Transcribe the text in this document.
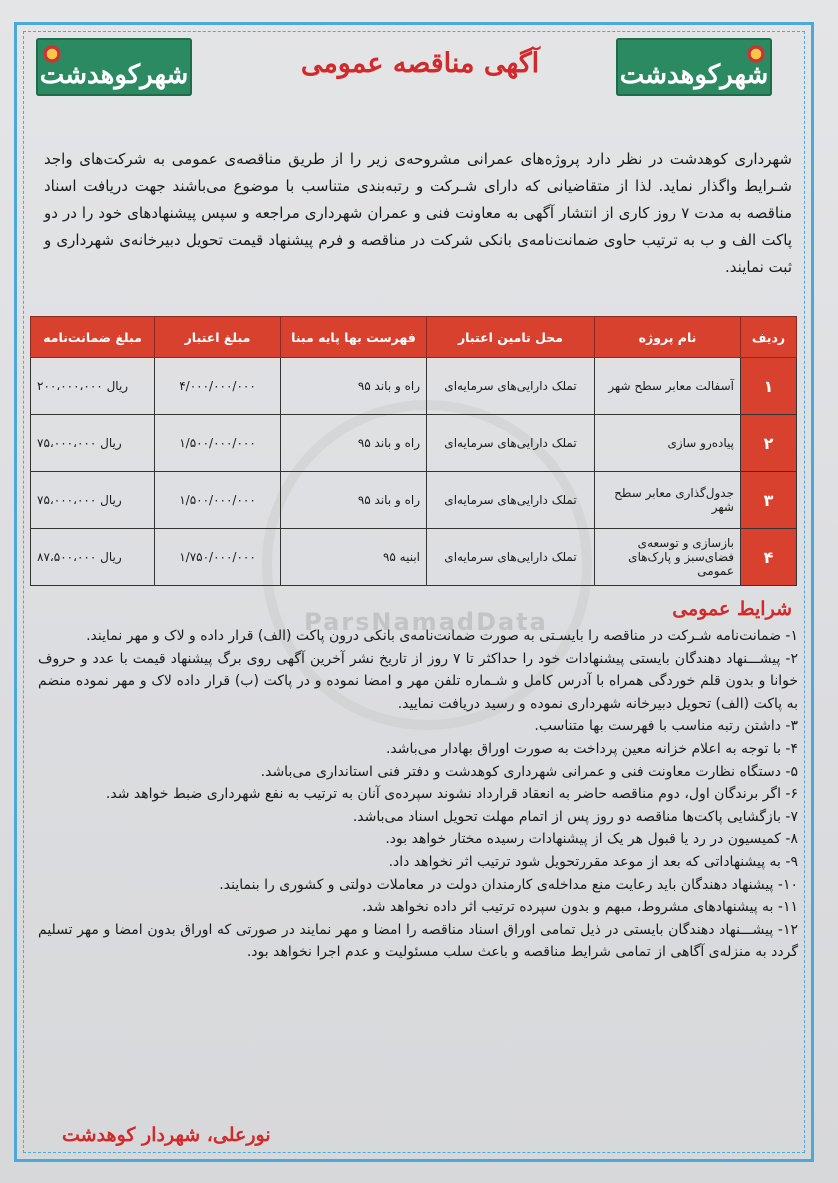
ParsNamadData
شهرکوهدشت
شهرکوهدشت	آگهی مناقصه عمومی
شهرداری کوهدشت در نظر دارد پروژه‌های عمرانی مشروحه‌ی زیر را از طریق مناقصه‌ی عمومی به شرکت‌های واجد شـرایط واگذار نماید. لذا از متقاضیانی که دارای شـرکت و رتبه‌بندی متناسب با موضوع می‌باشند جهت دریافت اسناد مناقصه به مدت ۷ روز کاری از انتشار آگهی به معاونت فنی و عمران شهرداری مراجعه و سپس پیشنهادهای خود را در دو پاکت الف و ب به ترتیب حاوی ضمانت‌نامه‌ی بانکی شرکت در مناقصه و فرم پیشنهاد قیمت تحویل دبیرخانه‌ی شهرداری و ثبت نمایند.
ردیف	نام پروژه	محل تامین اعتبار	فهرست بها پایه مبنا	مبلغ اعتبار	مبلغ ضمانت‌نامه
۱	آسفالت معابر سطح شهر	تملک دارایی‌های سرمایه‌ای	راه و باند ۹۵	۴/۰۰۰/۰۰۰/۰۰۰	۲۰۰،۰۰۰،۰۰۰ ریال
۲	پیاده‌رو سازی	تملک دارایی‌های سرمایه‌ای	راه و باند ۹۵	۱/۵۰۰/۰۰۰/۰۰۰	۷۵،۰۰۰،۰۰۰ ریال
۳	جدول‌گذاری معابر سطح شهر	تملک دارایی‌های سرمایه‌ای	راه و باند ۹۵	۱/۵۰۰/۰۰۰/۰۰۰	۷۵،۰۰۰،۰۰۰ ریال
۴	بازسازی و توسعه‌ی فضای‌سبز و پارک‌های عمومی	تملک دارایی‌های سرمایه‌ای	ابنیه ۹۵	۱/۷۵۰/۰۰۰/۰۰۰	۸۷،۵۰۰،۰۰۰ ریال
شرایط عمومی
۱- ضمانت‌نامه شـرکت در مناقصه را بایسـتی به صورت ضمانت‌نامه‌ی بانکی درون پاکت (الف) قرار داده و لاک و مهر نمایند.
۲- پیشـــنهاد دهندگان بایستی پیشنهادات خود را حداکثر تا ۷ روز از تاریخ نشر آخرین آگهی روی برگ پیشنهاد قیمت با عدد و حروف خوانا و بدون قلم خوردگی همراه با آدرس کامل و شـماره تلفن مهر و امضا نموده و در پاکت (ب) قرار داده لاک و مهر نموده منضم به پاکت (الف) تحویل دبیرخانه شهرداری نموده و رسید دریافت نمایید.
۳- داشتن رتبه مناسب با فهرست بها متناسب.
۴- با توجه به اعلام خزانه معین پرداخت به صورت اوراق بهادار می‌باشد.
۵- دستگاه نظارت معاونت فنی و عمرانی شهرداری کوهدشت و دفتر فنی استانداری می‌باشد.
۶- اگر برندگان اول، دوم مناقصه حاضر به انعقاد قرارداد نشوند سپرده‌ی آنان به ترتیب به نفع شهرداری ضبط خواهد شد.
۷- بازگشایی پاکت‌ها مناقصه دو روز پس از اتمام مهلت تحویل اسناد می‌باشد.
۸- کمیسیون در رد یا قبول هر یک از پیشنهادات رسیده مختار خواهد بود.
۹- به پیشنهاداتی که بعد از موعد مقررتحویل شود ترتیب اثر نخواهد داد.
۱۰- پیشنهاد دهندگان باید رعایت منع مداخله‌ی کارمندان دولت در معاملات دولتی و کشوری را بنمایند.
۱۱- به پیشنهادهای مشروط، مبهم و بدون سپرده ترتیب اثر داده نخواهد شد.
۱۲- پیشـــنهاد دهندگان بایستی در ذیل تمامی اوراق اسناد مناقصه را امضا و مهر نمایند در صورتی که اوراق بدون امضا و مهر تسلیم گردد به منزله‌ی آگاهی از تمامی شرایط مناقصه و باعث سلب مسئولیت و عدم اجرا نخواهد بود.
نورعلی، شهردار کوهدشت
